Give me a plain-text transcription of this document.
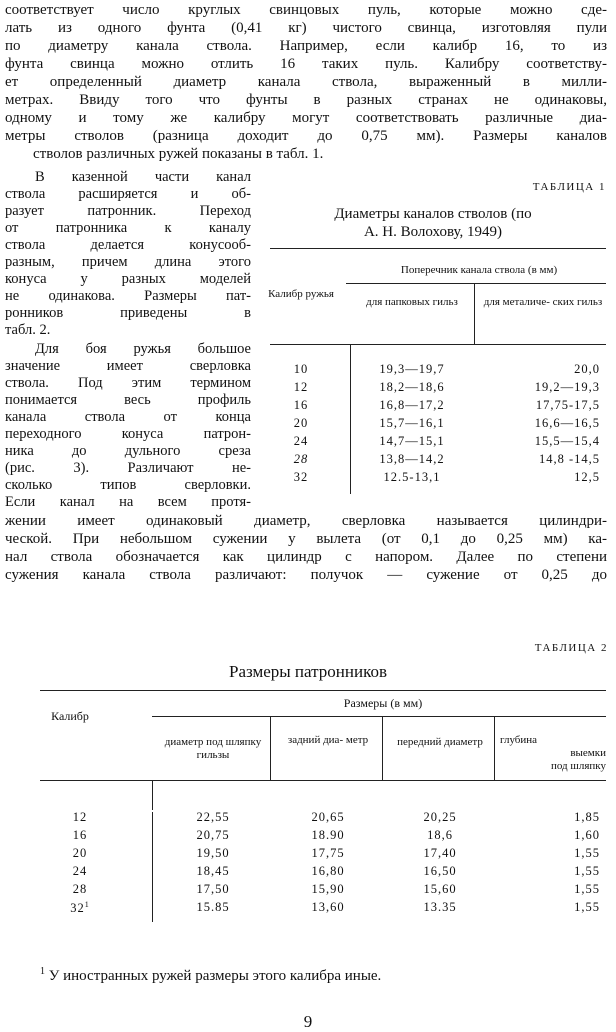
соответствует число круглых свинцовых пуль, которые можно сде-
лать из одного фунта (0,41 кг) чистого свинца, изготовляя пули
по диаметру канала ствола. Например, если калибр 16, то из
фунта свинца можно отлить 16 таких пуль. Калибру соответству-
ет определенный диаметр канала ствола, выраженный в милли-
метрах. Ввиду того что фунты в разных странах не одинаковы,
одному и тому же калибру могут соответствовать различные диа-
метры стволов (разница доходит до 0,75 мм). Размеры каналов
стволов различных ружей показаны в табл. 1.
В казенной части канал
ствола расширяется и об-
разует патронник. Переход
от патронника к каналу
ствола делается конусооб-
разным, причем длина этого
конуса у разных моделей
не одинакова. Размеры пат-
ронников приведены в
табл. 2.
Для боя ружья большое
значение имеет сверловка
ствола. Под этим термином
понимается весь профиль
канала ствола от конца
переходного конуса патрон-
ника до дульного среза
(рис. 3). Различают не-
сколько типов сверловки.
Если канал на всем протя-
ТАБЛИЦА 1
Диаметры каналов стволов (по
А. Н. Волохову, 1949)
Калибр ружья
Поперечник канала ствола (в мм)
для папковых гильз	для металиче- ских гильз
жении имеет одинаковый диаметр, сверловка называется цилиндри-
ческой. При небольшом сужении у вылета (от 0,1 до 0,25 мм) ка-
нал ствола обозначается как цилиндр с напором. Далее по степени
сужения канала ствола различают: получок — сужение от 0,25 до
ТАБЛИЦА 2
Размеры патронников
Калибр
Размеры (в мм)
диаметр под шляпку гильзы
задний диа- метр	передний диаметр	глубина
выемки
под шляпку
$^1$ У иностранных ружей размеры этого калибра иные.
9
10	19,3—19,7	20,0
12	18,2—18,6	19,2—19,3
16	16,8—17,2	17,75-17,5
20	15,7—16,1	16,6—16,5
24	14,7—15,1	15,5—15,4
28	13,8—14,2	14,8 -14,5
32	12.5-13,1	12,5
12	22,55	20,65	20,25	1,85
16	20,75	18.90	18,6	1,60
20	19,50	17,75	17,40	1,55
24	18,45	16,80	16,50	1,55
28	17,50	15,90	15,60	1,55
$32^1$	15.85	13,60	13.35	1,55
